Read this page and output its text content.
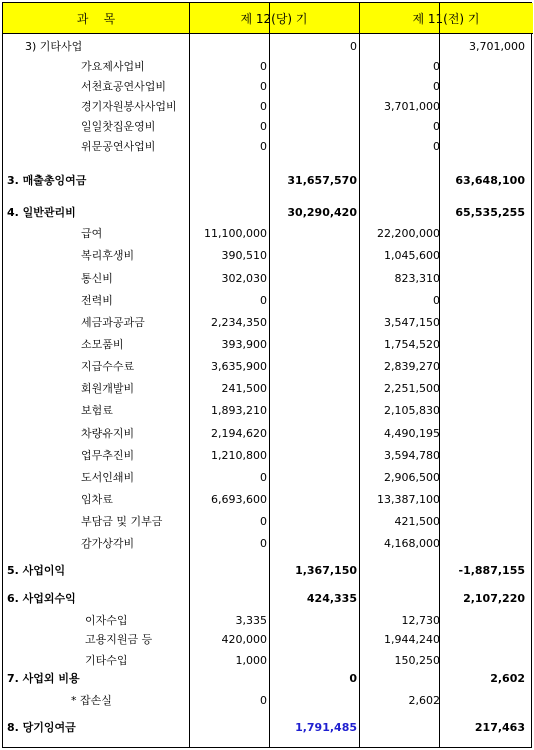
과    목	제 12(당) 기	제 11(전) 기
3) 기타사업	0	3,701,000
가요제사업비	0	0
서천효공연사업비	0	0
경기자원봉사사업비	0	3,701,000
일일찻집운영비	0	0
위문공연사업비	0	0
3. 매출총잉여금	31,657,570	63,648,100
4. 일반관리비	30,290,420	65,535,255
급여	11,100,000	22,200,000
복리후생비	390,510	1,045,600
통신비	302,030	823,310
전력비	0	0
세금과공과금	2,234,350	3,547,150
소모품비	393,900	1,754,520
지급수수료	3,635,900	2,839,270
회원개발비	241,500	2,251,500
보험료	1,893,210	2,105,830
차량유지비	2,194,620	4,490,195
업무추진비	1,210,800	3,594,780
도서인쇄비	0	2,906,500
임차료	6,693,600	13,387,100
부담금 및 기부금	0	421,500
감가상각비	0	4,168,000
5. 사업이익	1,367,150	-1,887,155
6. 사업외수익	424,335	2,107,220
이자수입	3,335	12,730
고용지원금 등	420,000	1,944,240
기타수입	1,000	150,250
7. 사업외 비용	0	2,602
* 잡손실	0	2,602
8. 당기잉여금	1,791,485	217,463
